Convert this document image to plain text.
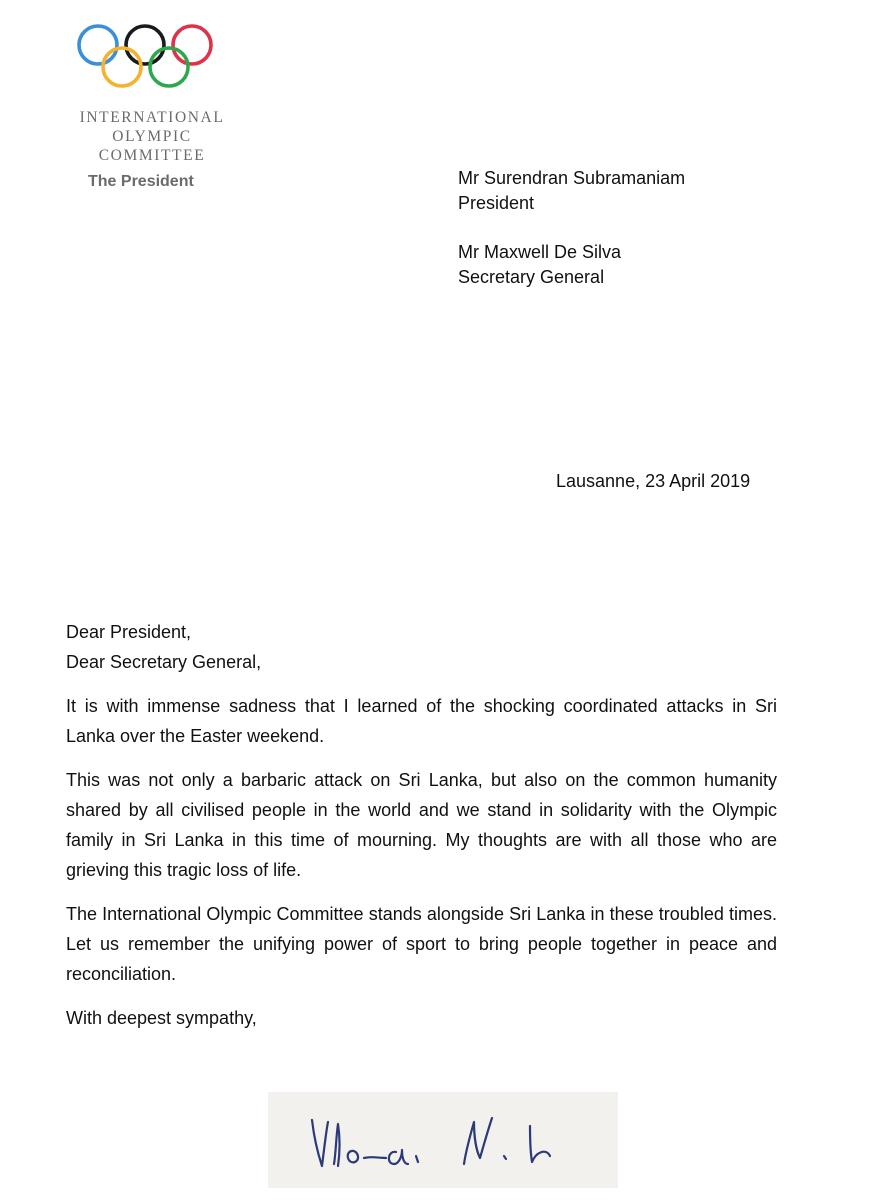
INTERNATIONAL
OLYMPIC
COMMITTEE
The President	Mr Surendran Subramaniam
President
Mr Maxwell De Silva
Secretary General
Lausanne, 23 April 2019
Dear President,
Dear Secretary General,

It is with immense sadness that I learned of the shocking coordinated attacks in Sri Lanka over the Easter weekend.

This was not only a barbaric attack on Sri Lanka, but also on the common humanity shared by all civilised people in the world and we stand in solidarity with the Olympic family in Sri Lanka in this time of mourning. My thoughts are with all those who are grieving this tragic loss of life.

The International Olympic Committee stands alongside Sri Lanka in these troubled times. Let us remember the unifying power of sport to bring people together in peace and reconciliation.

With deepest sympathy,
